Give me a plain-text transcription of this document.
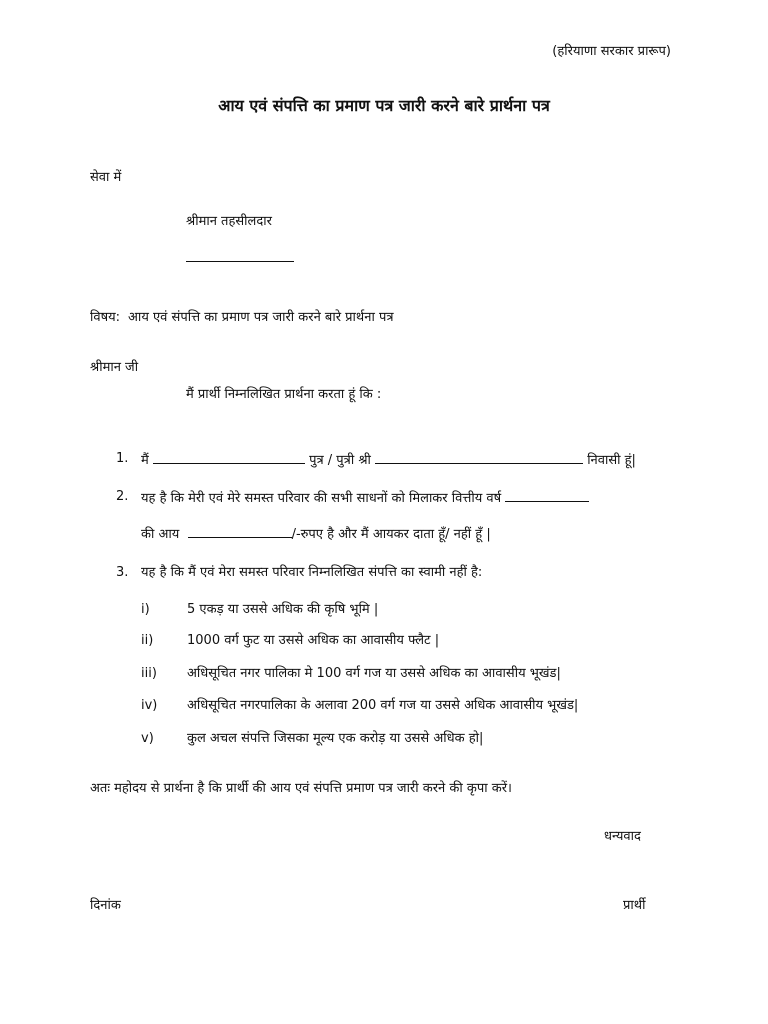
(हरियाणा सरकार प्रारूप)
आय एवं संपत्ति का प्रमाण पत्र जारी करने बारे प्रार्थना पत्र
सेवा में
श्रीमान तहसीलदार
विषय: आय एवं संपत्ति का प्रमाण पत्र जारी करने बारे प्रार्थना पत्र
श्रीमान जी
मैं प्रार्थी निम्नलिखित प्रार्थना करता हूं कि :
1. मैं	पुत्र / पुत्री श्री	निवासी हूं|
2. यह है कि मेरी एवं मेरे समस्त परिवार की सभी साधनों को मिलाकर वित्तीय वर्ष
की आय	/-रुपए है और मैं आयकर दाता हूँ/ नहीं हूँ |
3. यह है कि मैं एवं मेरा समस्त परिवार निम्नलिखित संपत्ति का स्वामी नहीं है:
i)	5 एकड़ या उससे अधिक की कृषि भूमि |
ii)	1000 वर्ग फुट या उससे अधिक का आवासीय फ्लैट |
iii) अधिसूचित नगर पालिका मे 100 वर्ग गज या उससे अधिक का आवासीय भूखंड|
iv) अधिसूचित नगरपालिका के अलावा 200 वर्ग गज या उससे अधिक आवासीय भूखंड|
v)	कुल अचल संपत्ति जिसका मूल्य एक करोड़ या उससे अधिक हो|
अतः महोदय से प्रार्थना है कि प्रार्थी की आय एवं संपत्ति प्रमाण पत्र जारी करने की कृपा करें।
धन्यवाद
दिनांक	प्रार्थी
